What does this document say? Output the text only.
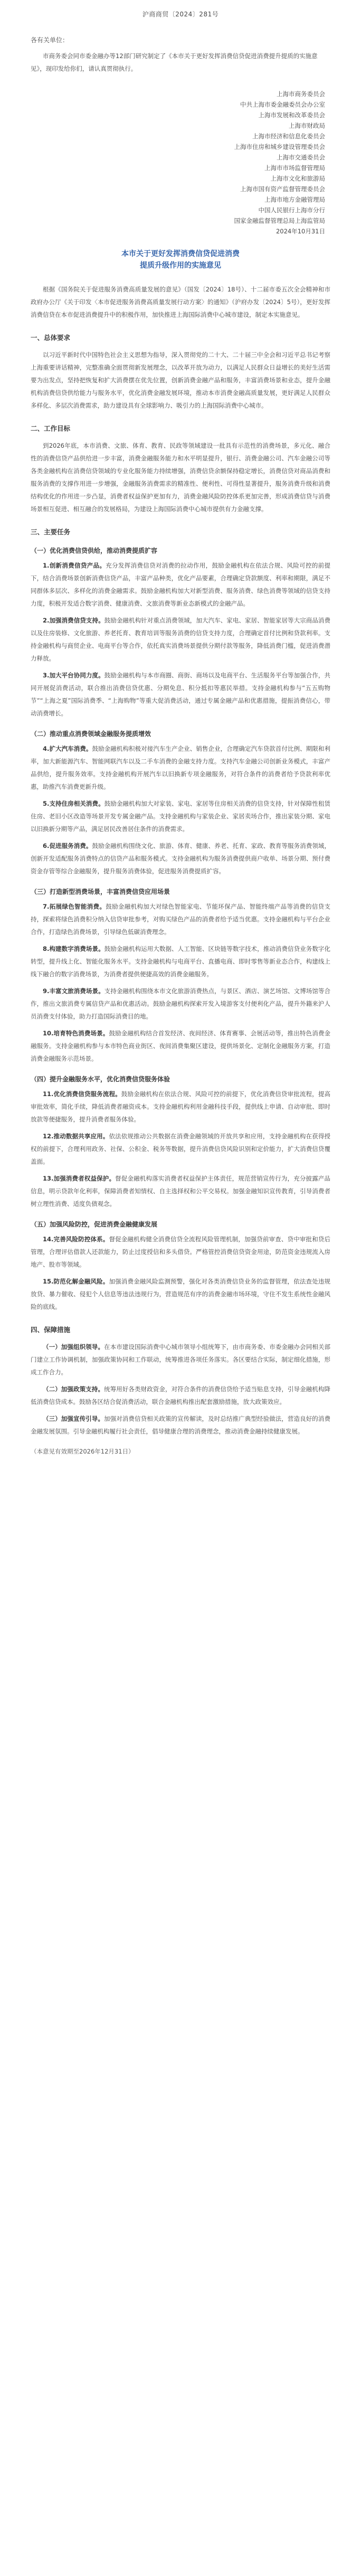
沪商商贸〔2024〕281号
各有关单位：
市商务委会同市委金融办等12部门研究制定了《本市关于更好发挥消费信贷促进消费提升提质的实施意见》，现印发给你们，请认真贯彻执行。
上海市商务委员会
中共上海市委金融委员会办公室
上海市发展和改革委员会
上海市财政局
上海市经济和信息化委员会
上海市住房和城乡建设管理委员会
上海市交通委员会
上海市市场监督管理局
上海市文化和旅游局
上海市国有资产监督管理委员会
上海市地方金融管理局
中国人民银行上海市分行
国家金融监督管理总局上海监管局
2024年10月31日
本市关于更好发挥消费信贷促进消费
提质升级作用的实施意见
根据《国务院关于促进服务消费高质量发展的意见》（国发〔2024〕18号）、十二届市委五次全会精神和市政府办公厅《关于印发〈本市促进服务消费高质量发展行动方案〉的通知》（沪府办发〔2024〕5号），更好发挥消费信贷在本市促进消费提升中的积极作用，加快推进上海国际消费中心城市建设，制定本实施意见。
一、总体要求
以习近平新时代中国特色社会主义思想为指导，深入贯彻党的二十大、二十届三中全会和习近平总书记考察上海重要讲话精神，完整准确全面贯彻新发展理念，以改革开放为动力，以满足人民群众日益增长的美好生活需要为出发点，坚持把恢复和扩大消费摆在优先位置，创新消费金融产品和服务，丰富消费场景和业态，提升金融机构消费信贷供给能力与服务水平，优化消费金融发展环境，推动本市消费金融高质量发展，更好满足人民群众多样化、多层次消费需求，助力建设具有全球影响力、吸引力的上海国际消费中心城市。
二、工作目标
到2026年底，本市消费、文旅、体育、教育、民政等领域建设一批具有示范性的消费场景，多元化、融合性的消费信贷产品供给进一步丰富，消费金融服务能力和水平明显提升，银行、消费金融公司、汽车金融公司等各类金融机构在消费信贷领域的专业化服务能力持续增强，消费信贷余额保持稳定增长，消费信贷对商品消费和服务消费的支撑作用进一步增强，金融服务消费需求的精准性、便利性、可得性显著提升，服务消费升级和消费结构优化的作用进一步凸显，消费者权益保护更加有力，消费金融风险防控体系更加完善，形成消费信贷与消费场景相互促进、相互融合的发展格局，为建设上海国际消费中心城市提供有力金融支撑。
三、主要任务
（一）优化消费信贷供给，推动消费提质扩容
1.创新消费信贷产品。充分发挥消费信贷对消费的拉动作用，鼓励金融机构在依法合规、风险可控的前提下，结合消费场景创新消费信贷产品，丰富产品种类，优化产品要素，合理确定贷款额度、利率和期限，满足不同群体多层次、多样化的消费金融需求。鼓励金融机构加大对新型消费、服务消费、绿色消费等领域的信贷支持力度，积极开发适合数字消费、健康消费、文旅消费等新业态新模式的金融产品。
2.加强消费信贷支持。鼓励金融机构针对重点消费领域，加大汽车、家电、家居、智能家居等大宗商品消费以及住房装修、文化旅游、养老托育、教育培训等服务消费的信贷支持力度，合理确定首付比例和贷款利率。支持金融机构与商贸企业、电商平台等合作，依托真实消费场景提供分期付款等服务，降低消费门槛，促进消费潜力释放。
3.加大平台协同力度。鼓励金融机构与本市商圈、商街、商场以及电商平台、生活服务平台等加强合作，共同开展促消费活动，联合推出消费信贷优惠、分期免息、积分抵扣等惠民举措。支持金融机构参与“五五购物节”“上海之夏”国际消费季、“上海购物”等重大促消费活动，通过专属金融产品和优惠措施，提振消费信心，带动消费增长。
（二）推动重点消费领域金融服务提质增效
4.扩大汽车消费。鼓励金融机构积极对接汽车生产企业、销售企业，合理确定汽车贷款首付比例、期限和利率，加大新能源汽车、智能网联汽车以及二手车消费的金融支持力度。支持汽车金融公司创新业务模式，丰富产品供给，提升服务效率。支持金融机构开展汽车以旧换新专项金融服务，对符合条件的消费者给予贷款利率优惠，助推汽车消费更新升级。
5.支持住房相关消费。鼓励金融机构加大对家装、家电、家居等住房相关消费的信贷支持，针对保障性租赁住房、老旧小区改造等场景开发专属金融产品。支持金融机构与家装企业、家居卖场合作，推出家装分期、家电以旧换新分期等产品，满足居民改善居住条件的消费需求。
6.促进服务消费。鼓励金融机构围绕文化、旅游、体育、健康、养老、托育、家政、教育等服务消费领域，创新开发适配服务消费特点的信贷产品和服务模式。支持金融机构为服务消费提供商户收单、场景分期、预付费资金存管等综合金融服务，提升服务消费体验，促进服务消费提质扩容。
（三）打造新型消费场景，丰富消费信贷应用场景
7.拓展绿色智能消费。鼓励金融机构加大对绿色智能家电、节能环保产品、智能终端产品等消费的信贷支持，探索将绿色消费积分纳入信贷审批参考，对购买绿色产品的消费者给予适当优惠。支持金融机构与平台企业合作，打造绿色消费场景，引导绿色低碳消费理念。
8.构建数字消费场景。鼓励金融机构运用大数据、人工智能、区块链等数字技术，推动消费信贷业务数字化转型，提升线上化、智能化服务水平。支持金融机构与电商平台、直播电商、即时零售等新业态合作，构建线上线下融合的数字消费场景，为消费者提供便捷高效的消费金融服务。
9.丰富文旅消费场景。支持金融机构围绕本市文化旅游消费热点，与景区、酒店、演艺场馆、文博场馆等合作，推出文旅消费专属信贷产品和优惠活动。鼓励金融机构探索开发入境游客支付便利化产品，提升外籍来沪人员消费支付体验，助力打造国际消费目的地。
10.培育特色消费场景。鼓励金融机构结合首发经济、夜间经济、体育赛事、会展活动等，推出特色消费金融服务。支持金融机构参与本市特色商业街区、夜间消费集聚区建设，提供场景化、定制化金融服务方案，打造消费金融服务示范场景。
（四）提升金融服务水平，优化消费信贷服务体验
11.优化消费信贷服务流程。鼓励金融机构在依法合规、风险可控的前提下，优化消费信贷审批流程，提高审批效率，简化手续，降低消费者融资成本。支持金融机构利用金融科技手段，提供线上申请、自动审批、即时放款等便捷服务，提升消费者服务体验。
12.推动数据共享应用。依法依规推动公共数据在消费金融领域的开放共享和应用，支持金融机构在获得授权的前提下，合理利用政务、社保、公积金、税务等数据，提升消费信贷风险识别和定价能力，扩大消费信贷覆盖面。
13.加强消费者权益保护。督促金融机构落实消费者权益保护主体责任，规范营销宣传行为，充分披露产品信息，明示贷款年化利率，保障消费者知情权、自主选择权和公平交易权。加强金融知识宣传教育，引导消费者树立理性消费、适度负债观念。
（五）加强风险防控，促进消费金融健康发展
14.完善风险防控体系。督促金融机构健全消费信贷全流程风险管理机制，加强贷前审查、贷中审批和贷后管理，合理评估借款人还款能力，防止过度授信和多头借贷。严格管控消费信贷资金用途，防范资金违规流入房地产、股市等领域。
15.防范化解金融风险。加强消费金融风险监测预警，强化对各类消费信贷业务的监督管理，依法查处违规放贷、暴力催收、侵犯个人信息等违法违规行为，营造规范有序的消费金融市场环境，守住不发生系统性金融风险的底线。
四、保障措施
（一）加强组织领导。在本市建设国际消费中心城市领导小组统筹下，由市商务委、市委金融办会同相关部门建立工作协调机制，加强政策协同和工作联动，统筹推进各项任务落实。各区要结合实际，制定细化措施，形成工作合力。
（二）加强政策支持。统筹用好各类财政资金，对符合条件的消费信贷给予适当贴息支持，引导金融机构降低消费信贷成本。鼓励各区结合促消费活动，联合金融机构推出配套激励措施，放大政策效应。
（三）加强宣传引导。加强对消费信贷相关政策的宣传解读，及时总结推广典型经验做法，营造良好的消费金融发展氛围。引导金融机构履行社会责任，倡导健康合理的消费理念，推动消费金融持续健康发展。
（本意见有效期至2026年12月31日）
